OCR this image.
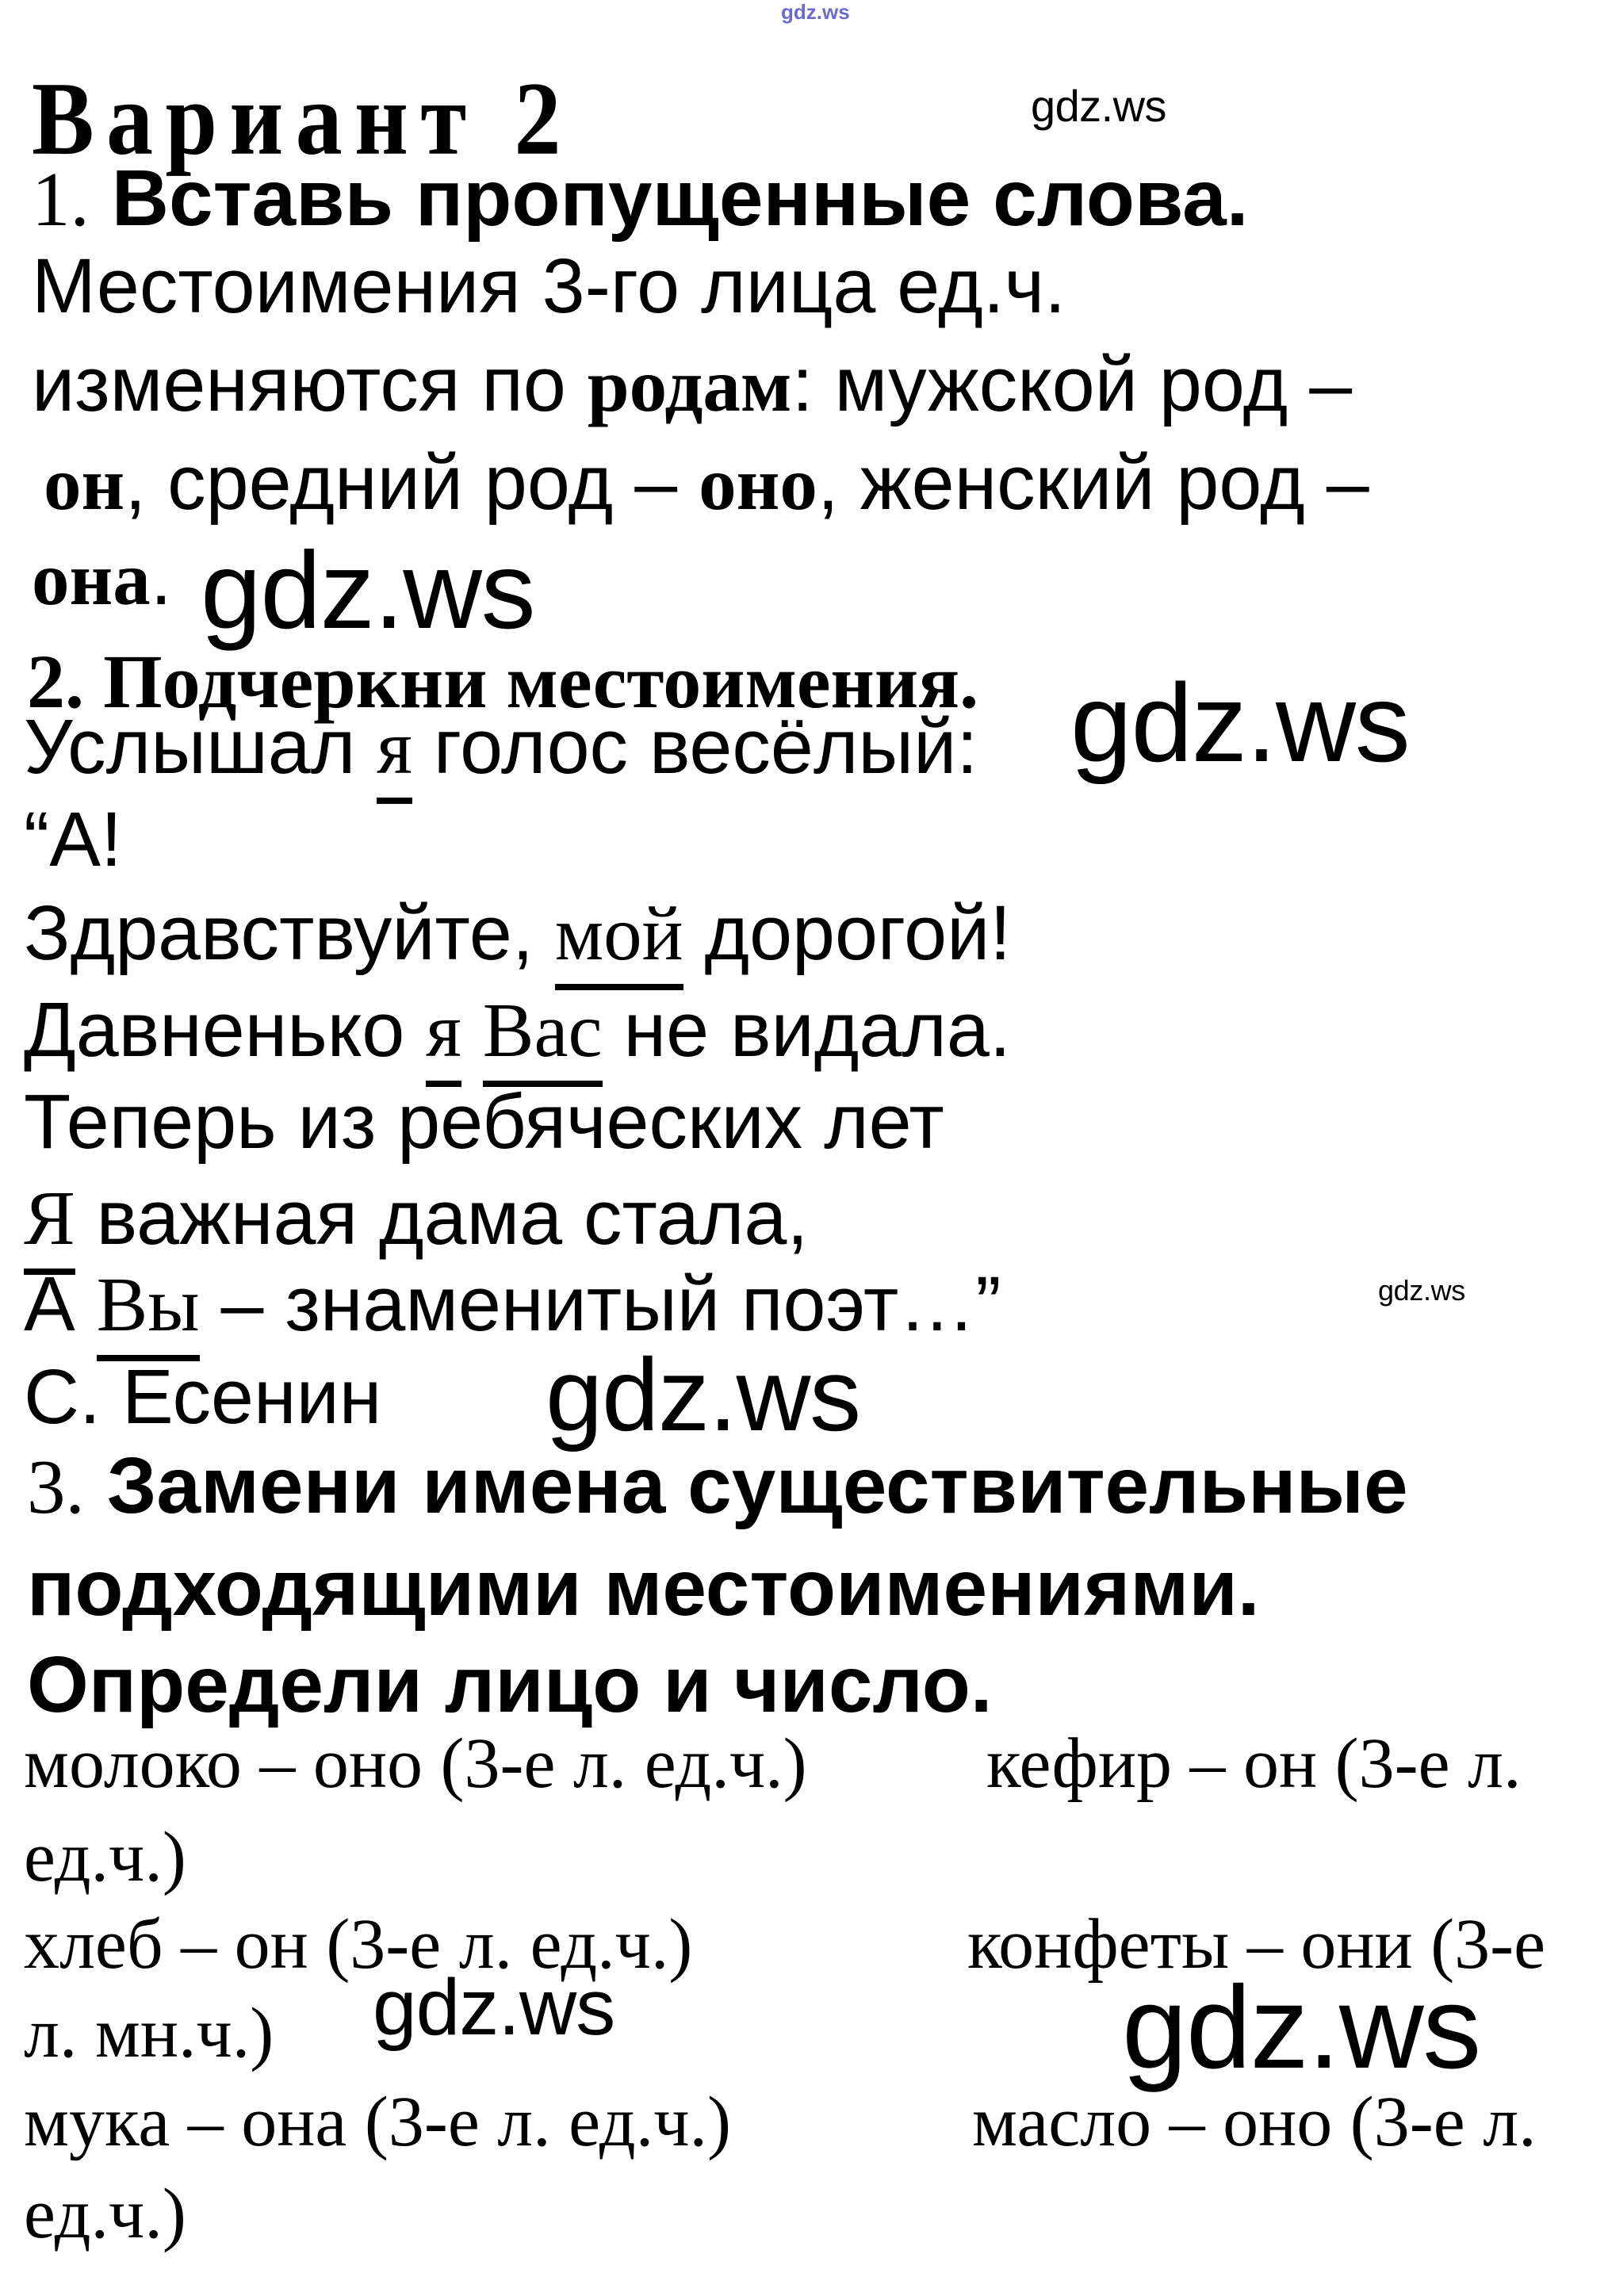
gdz.ws
gdz.ws
gdz.ws
gdz.ws
gdz.ws
gdz.ws
gdz.ws	gdz.ws
Вариант 2
1. Вставь пропущенные слова.
Местоимения 3-го лица ед.ч.
изменяются по родам: мужской род –
он, средний род – оно, женский род –
она.
2. Подчеркни местоимения.
Услышал я голос весёлый:
“А!
Здравствуйте, мой дорогой!
Давненько я Вас не видала.
Теперь из ребяческих лет
Я важная дама стала,
А Вы – знаменитый поэт…”
С. Есенин
3. Замени имена существительные
подходящими местоимениями.
Определи лицо и число.
молоко – оно (3-е л. ед.ч.)	кефир – он (3-е л.
ед.ч.)
хлеб – он (3-е л. ед.ч.)	конфеты – они (3-е
л. мн.ч.)
мука – она (3-е л. ед.ч.)	масло – оно (3-е л.
ед.ч.)
